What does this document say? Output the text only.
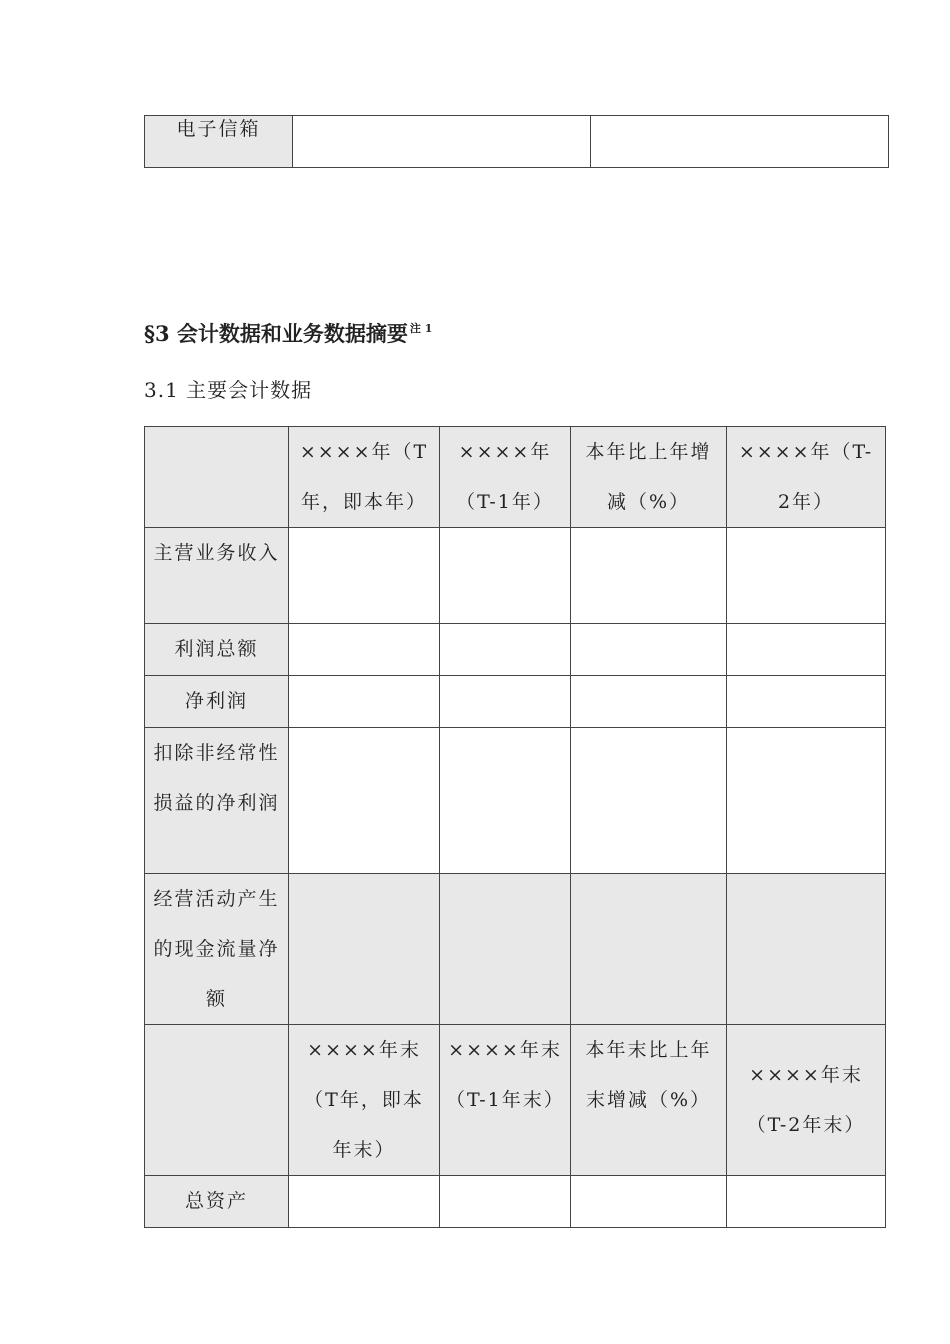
电子信箱		
§3 会计数据和业务数据摘要 $^{注 1}$
3.1 主要会计数据
	××××年（T年，即本年）	××××年（T-1年）	本年比上年增减（%）	××××年（T-2年）
主营业务收入				
利润总额				
净利润				
扣除非经常性损益的净利润				
经营活动产生的现金流量净额				
	××××年末（T年，即本年末）	××××年末（T-1年末）	本年末比上年末增减（%）	××××年末（T-2年末）
总资产				
